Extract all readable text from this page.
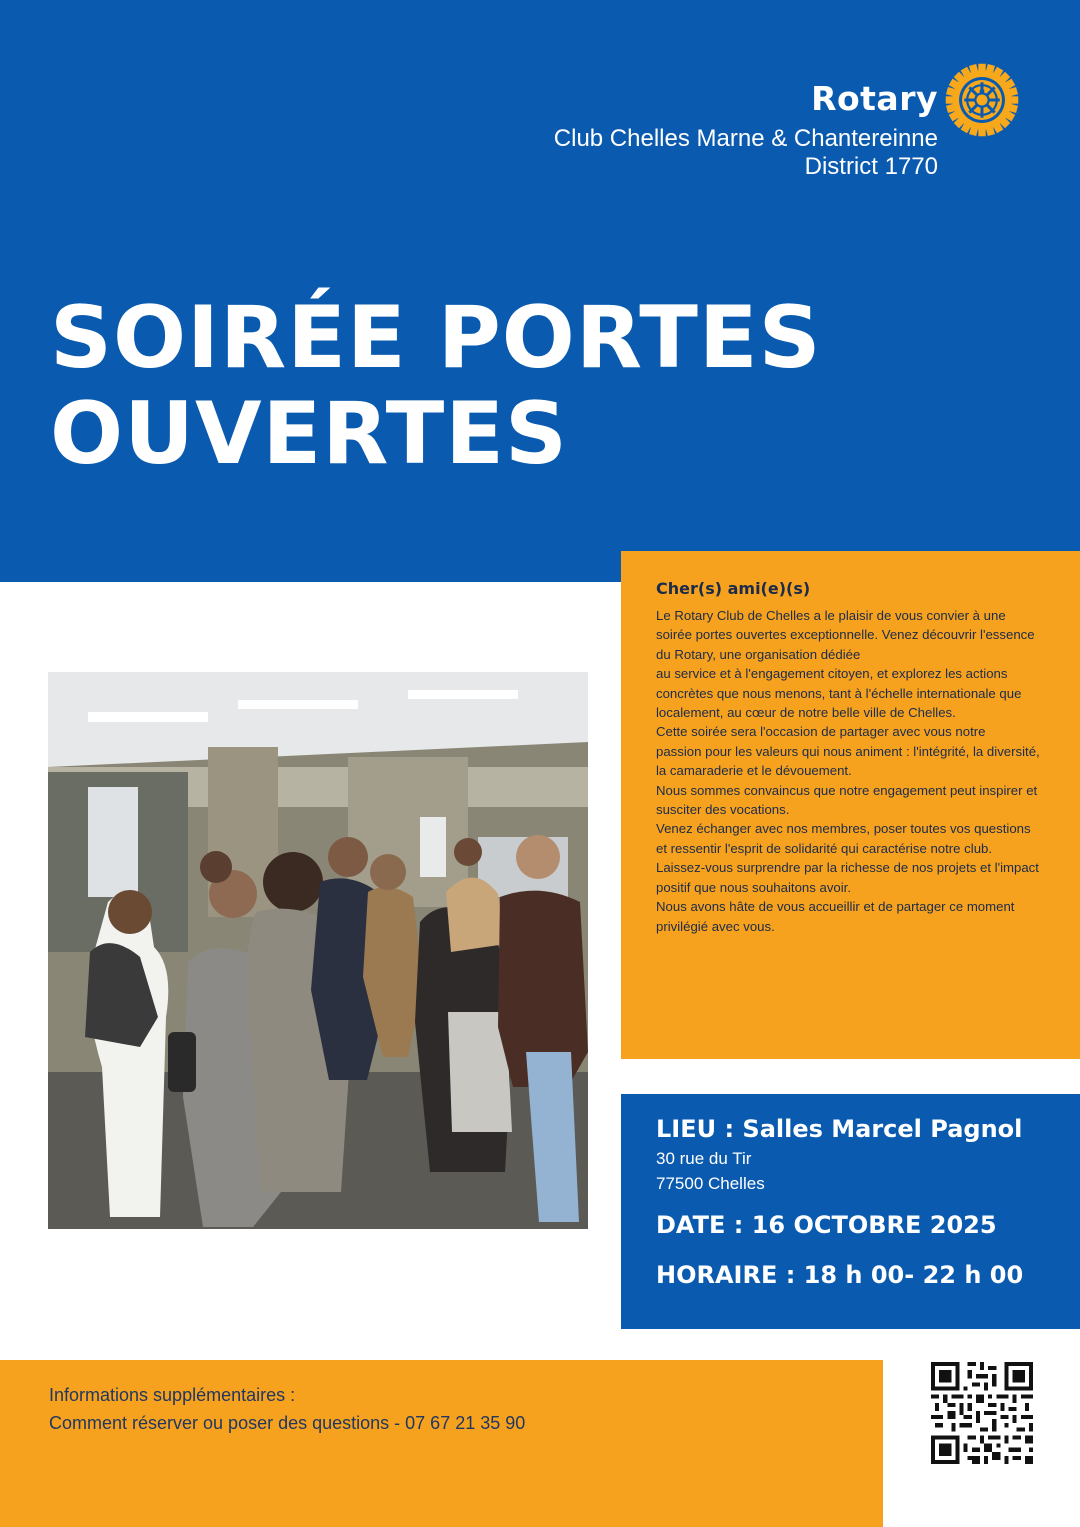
Rotary
Club Chelles Marne & Chantereinne
District 1770
SOIRÉE PORTES
OUVERTES
Cher(s) ami(e)(s)
Le Rotary Club de Chelles a le plaisir de vous convier à une soirée portes ouvertes exceptionnelle. Venez découvrir l'essence du Rotary, une organisation dédiée
au service et à l'engagement citoyen, et explorez les actions concrètes que nous menons, tant à l'échelle internationale que localement, au cœur de notre belle ville de Chelles.
Cette soirée sera l'occasion de partager avec vous notre
passion pour les valeurs qui nous animent : l'intégrité, la diversité, la camaraderie et le dévouement.
Nous sommes convaincus que notre engagement peut inspirer et susciter des vocations.
Venez échanger avec nos membres, poser toutes vos questions et ressentir l'esprit de solidarité qui caractérise notre club. Laissez-vous surprendre par la richesse de nos projets et l'impact positif que nous souhaitons avoir.
Nous avons hâte de vous accueillir et de partager ce moment privilégié avec vous.
LIEU : Salles Marcel Pagnol
30 rue du Tir
77500 Chelles
DATE : 16 OCTOBRE 2025
HORAIRE : 18 h 00- 22 h 00
Informations supplémentaires :
Comment réserver ou poser des questions - 07 67 21 35 90
